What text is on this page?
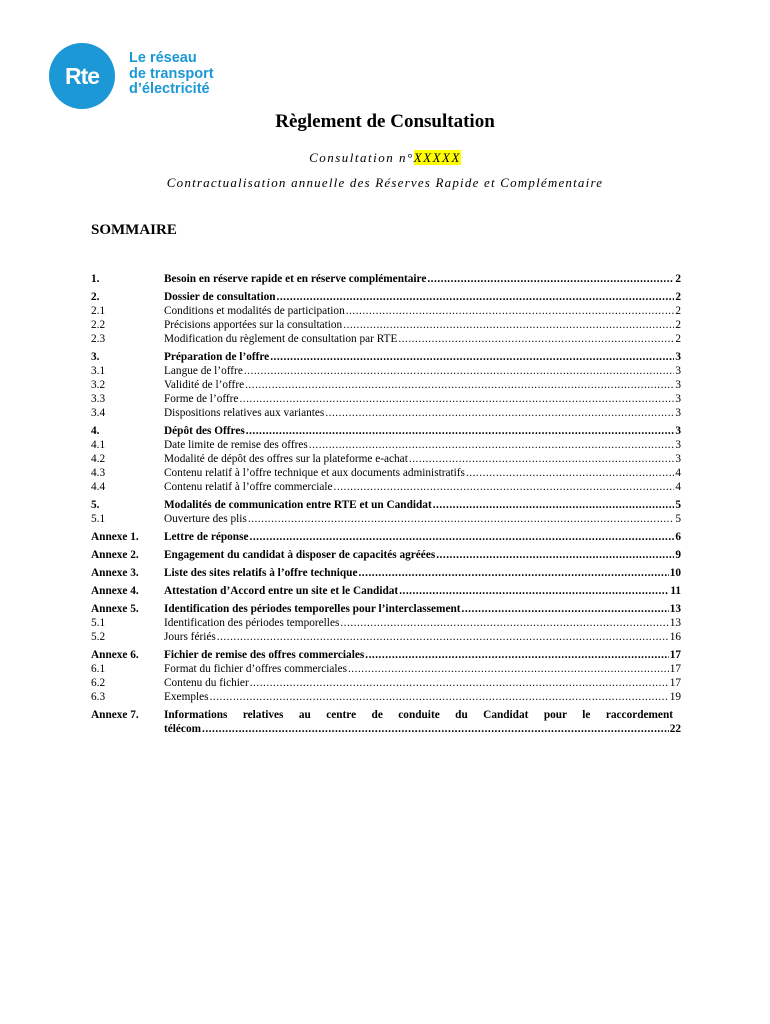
Rte
Le réseau
de transport
d’électricité
Règlement de Consultation
Consultation n°XXXXX
Contractualisation annuelle des Réserves Rapide et Complémentaire
SOMMAIRE
1.	Besoin en réserve rapide et en réserve complémentaire .....	2
2.	Dossier de consultation .....	2
2.1	Conditions et modalités de participation .....	2
2.2	Précisions apportées sur la consultation .....	2
2.3	Modification du règlement de consultation par RTE .....	2
3.	Préparation de l’offre .....	3
3.1	Langue de l’offre .....	3
3.2	Validité de l’offre .....	3
3.3	Forme de l’offre .....	3
3.4	Dispositions relatives aux variantes .....	3
4.	Dépôt des Offres .....	3
4.1	Date limite de remise des offres .....	3
4.2	Modalité de dépôt des offres sur la plateforme e-achat .....	3
4.3	Contenu relatif à l’offre technique et aux documents administratifs .....	4
4.4	Contenu relatif à l’offre commerciale .....	4
5.	Modalités de communication entre RTE et un Candidat .....	5
5.1	Ouverture des plis .....	5
Annexe 1.	Lettre de réponse .....	6
Annexe 2.	Engagement du candidat à disposer de capacités agréées .....	9
Annexe 3.	Liste des sites relatifs à l’offre technique .....	10
Annexe 4.	Attestation d’Accord entre un site et le Candidat .....	11
Annexe 5.	Identification des périodes temporelles pour l’interclassement .....	13
5.1	Identification des périodes temporelles .....	13
5.2	Jours fériés .....	16
Annexe 6.	Fichier de remise des offres commerciales .....	17
6.1	Format du fichier d’offres commerciales .....	17
6.2	Contenu du fichier .....	17
6.3	Exemples .....	19
Annexe 7.	Informations relatives au centre de conduite du Candidat pour le raccordement
télécom .....	22
